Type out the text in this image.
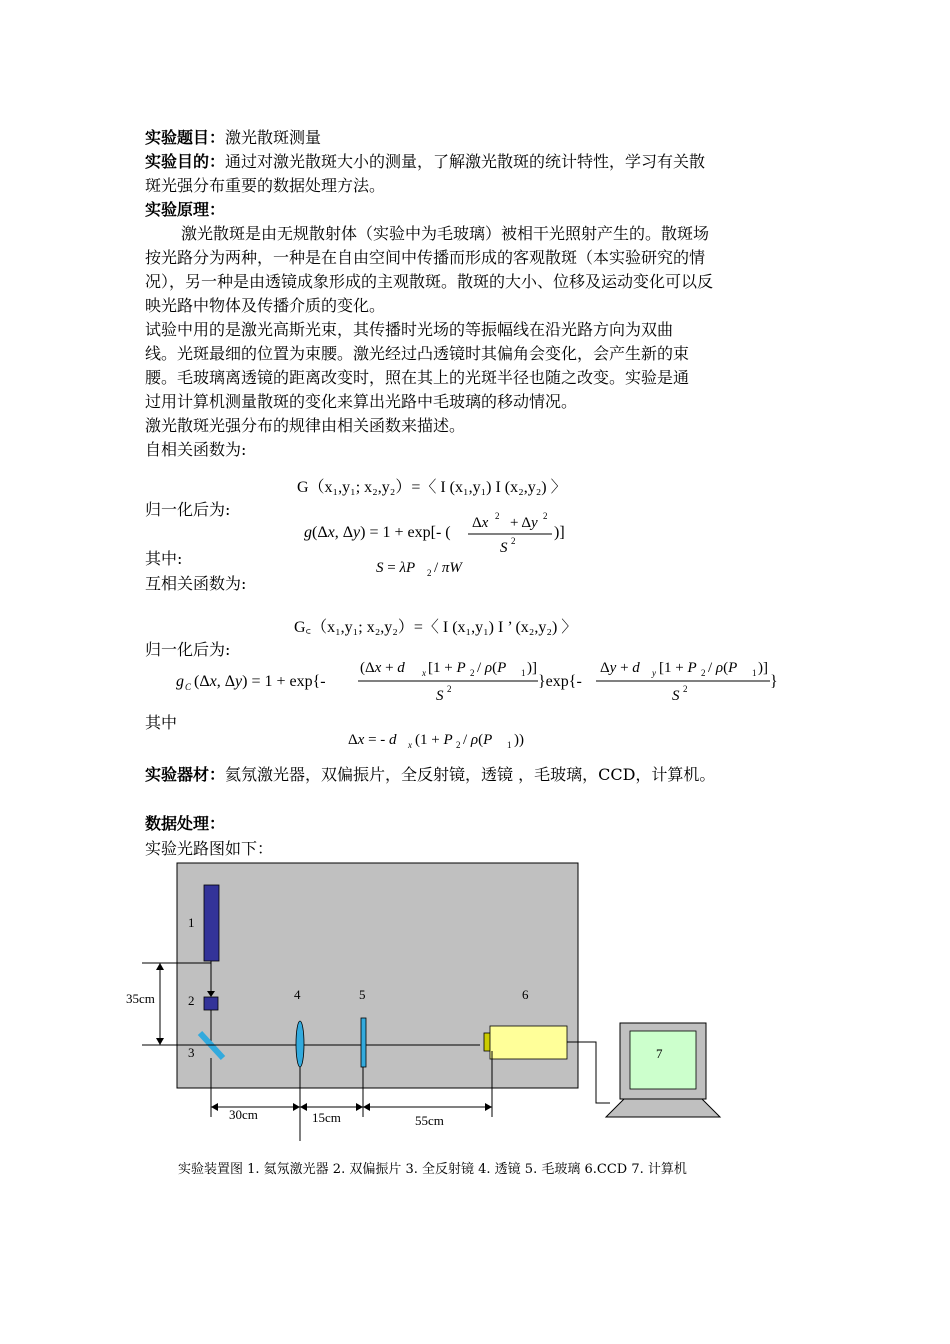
实验题目：激光散斑测量
实验目的：通过对激光散斑大小的测量，了解激光散斑的统计特性，学习有关散
斑光强分布重要的数据处理方法。
实验原理：
激光散斑是由无规散射体（实验中为毛玻璃）被相干光照射产生的。散斑场
按光路分为两种，一种是在自由空间中传播而形成的客观散斑（本实验研究的情
况），另一种是由透镜成象形成的主观散斑。散斑的大小、位移及运动变化可以反
映光路中物体及传播介质的变化。
试验中用的是激光高斯光束，其传播时光场的等振幅线在沿光路方向为双曲
线。光斑最细的位置为束腰。激光经过凸透镜时其偏角会变化，会产生新的束
腰。毛玻璃离透镜的距离改变时，照在其上的光斑半径也随之改变。实验是通
过用计算机测量散斑的变化来算出光路中毛玻璃的移动情况。
激光散斑光强分布的规律由相关函数来描述。
自相关函数为:
G（x₁,y₁; x₂,y₂）=〈 I (x₁,y₁) I (x₂,y₂) 〉
归一化后为:
g(Δx, Δy) = 1 + exp[- (
Δx 2 + Δy 2
S 2 )]
其中:	S = λP 2 / πW
互相关函数为:
G꜀（x₁,y₁; x₂,y₂）=〈 I (x₁,y₁) I ’ (x₂,y₂) 〉
归一化后为:
g C (Δx, Δy) = 1 + exp{-
(Δx + d x [1 + P 2 / ρ(P 1 )]
S 2	}exp{-
Δy + d y [1 + P 2 / ρ(P 1 )]
S 2	}
其中
Δx = - d x (1 + P 2 / ρ(P 1 ))
实验器材：氦氖激光器，双偏振片，全反射镜，透镜 ，毛玻璃，CCD，计算机。
数据处理：
实验光路图如下：
1
2
3
4	5	6
7
35cm
30cm	15cm	55cm
实验装置图 1. 氦氖激光器 2. 双偏振片 3. 全反射镜 4. 透镜 5. 毛玻璃 6.CCD 7. 计算机
